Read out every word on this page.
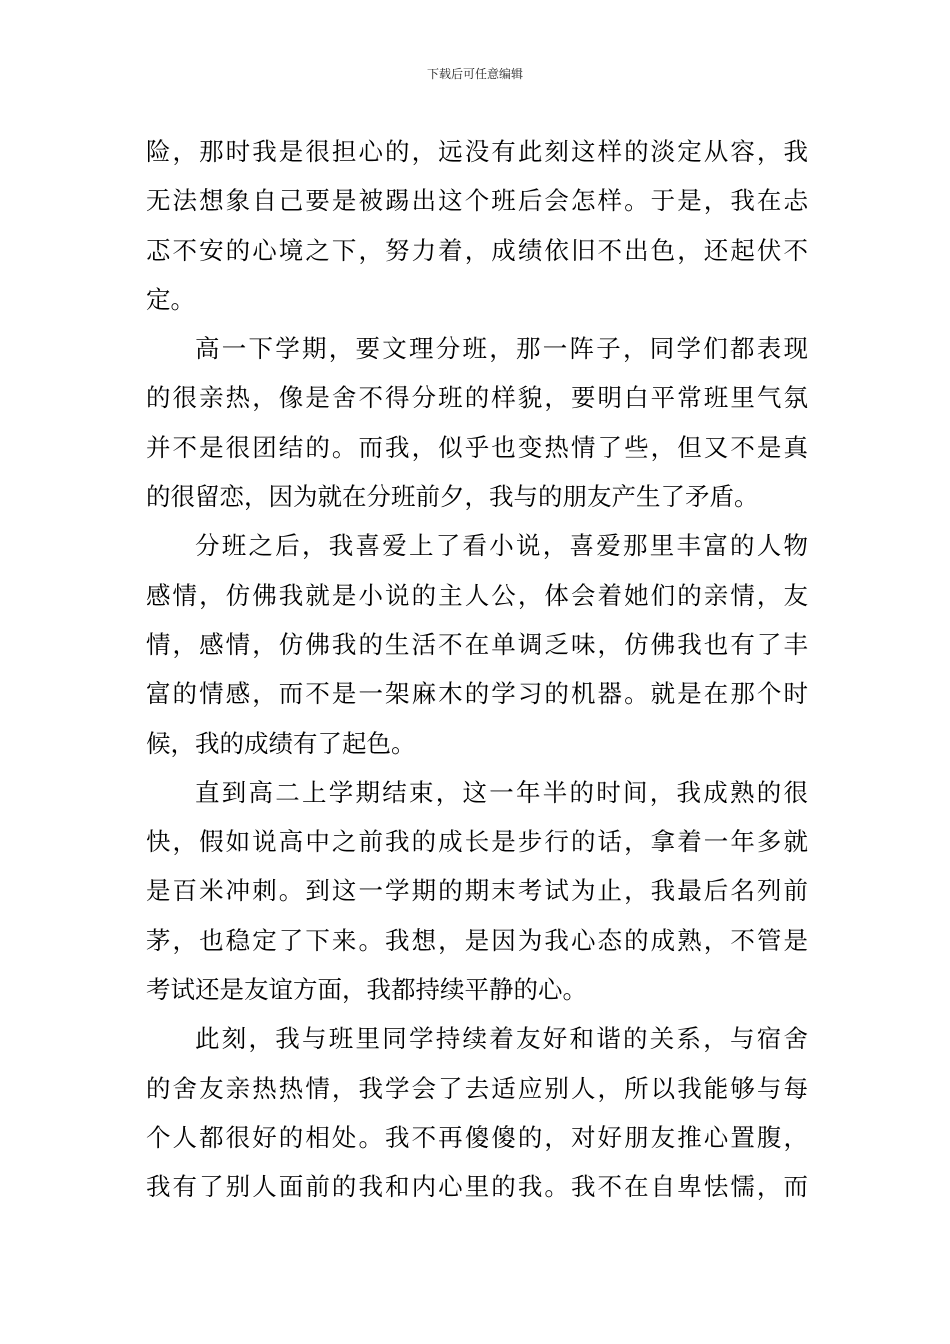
下载后可任意编辑
险，那时我是很担心的，远没有此刻这样的淡定从容，我
无法想象自己要是被踢出这个班后会怎样。于是，我在忐
忑不安的心境之下，努力着，成绩依旧不出色，还起伏不
定。
高一下学期，要文理分班，那一阵子，同学们都表现
的很亲热，像是舍不得分班的样貌，要明白平常班里气氛
并不是很团结的。而我，似乎也变热情了些，但又不是真
的很留恋，因为就在分班前夕，我与的朋友产生了矛盾。
分班之后，我喜爱上了看小说，喜爱那里丰富的人物
感情，仿佛我就是小说的主人公，体会着她们的亲情，友
情，感情，仿佛我的生活不在单调乏味，仿佛我也有了丰
富的情感，而不是一架麻木的学习的机器。就是在那个时
候，我的成绩有了起色。
直到高二上学期结束，这一年半的时间，我成熟的很
快，假如说高中之前我的成长是步行的话，拿着一年多就
是百米冲刺。到这一学期的期末考试为止，我最后名列前
茅，也稳定了下来。我想，是因为我心态的成熟，不管是
考试还是友谊方面，我都持续平静的心。
此刻，我与班里同学持续着友好和谐的关系，与宿舍
的舍友亲热热情，我学会了去适应别人，所以我能够与每
个人都很好的相处。我不再傻傻的，对好朋友推心置腹，
我有了别人面前的我和内心里的我。我不在自卑怯懦，而
